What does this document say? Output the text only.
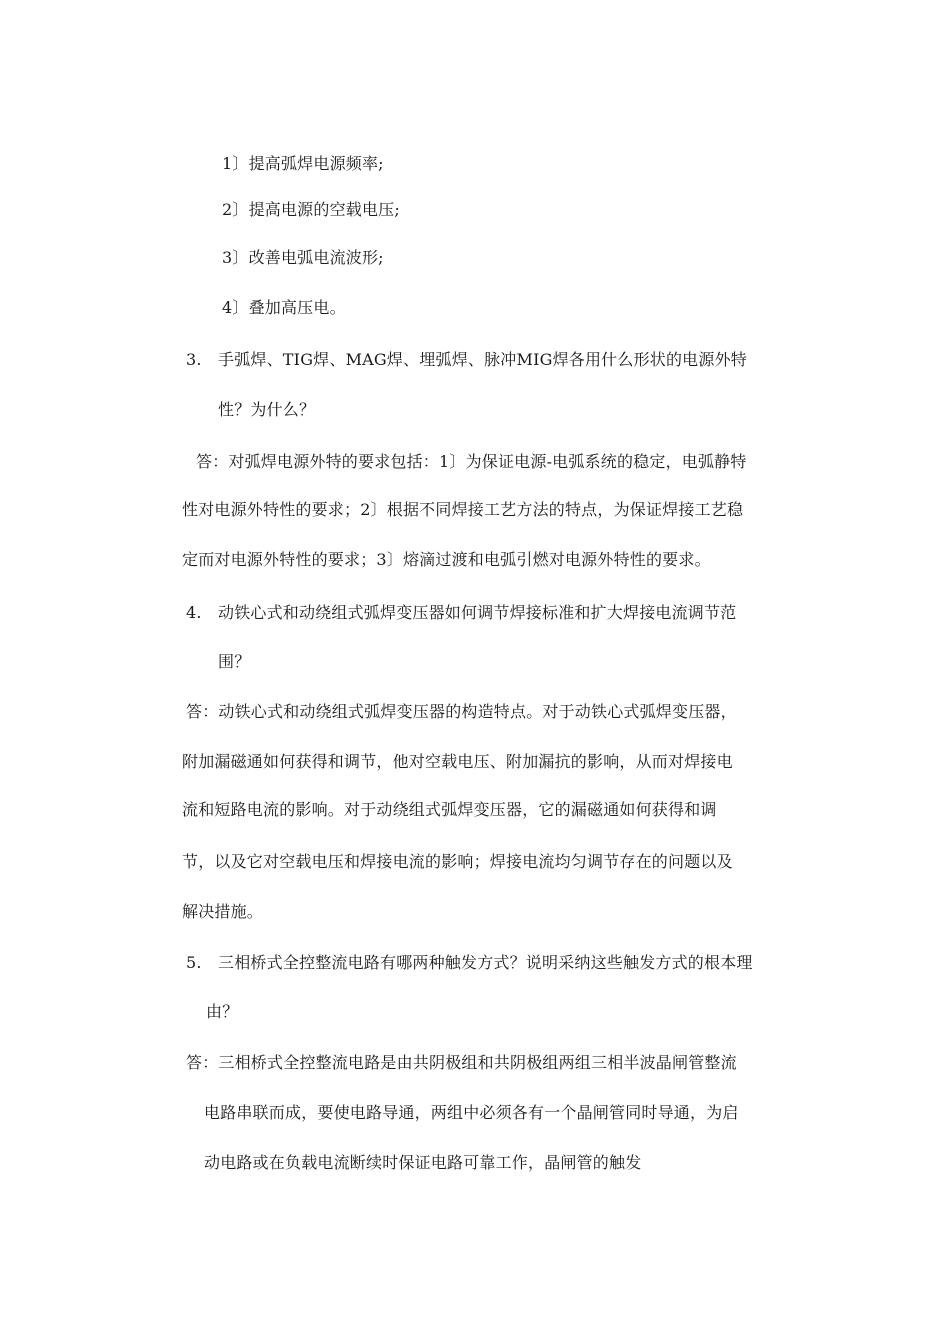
1〕提高弧焊电源频率;

2〕提高电源的空载电压;

3〕改善电弧电流波形;

4〕叠加高压电。

3. 手弧焊、TIG焊、MAG焊、埋弧焊、脉冲MIG焊各用什么形状的电源外特

性？为什么？

答：对弧焊电源外特的要求包括：1〕为保证电源-电弧系统的稳定，电弧静特

性对电源外特性的要求；2〕根据不同焊接工艺方法的特点，为保证焊接工艺稳

定而对电源外特性的要求；3〕熔滴过渡和电弧引燃对电源外特性的要求。

4. 动铁心式和动绕组式弧焊变压器如何调节焊接标准和扩大焊接电流调节范

围？

答：动铁心式和动绕组式弧焊变压器的构造特点。对于动铁心式弧焊变压器，

附加漏磁通如何获得和调节，他对空载电压、附加漏抗的影响，从而对焊接电

流和短路电流的影响。对于动绕组式弧焊变压器，它的漏磁通如何获得和调

节，以及它对空载电压和焊接电流的影响；焊接电流均匀调节存在的问题以及

解决措施。

5. 三相桥式全控整流电路有哪两种触发方式？说明采纳这些触发方式的根本理

由？

答：三相桥式全控整流电路是由共阴极组和共阴极组两组三相半波晶闸管整流

电路串联而成，要使电路导通，两组中必须各有一个晶闸管同时导通，为启

动电路或在负载电流断续时保证电路可靠工作，晶闸管的触发
